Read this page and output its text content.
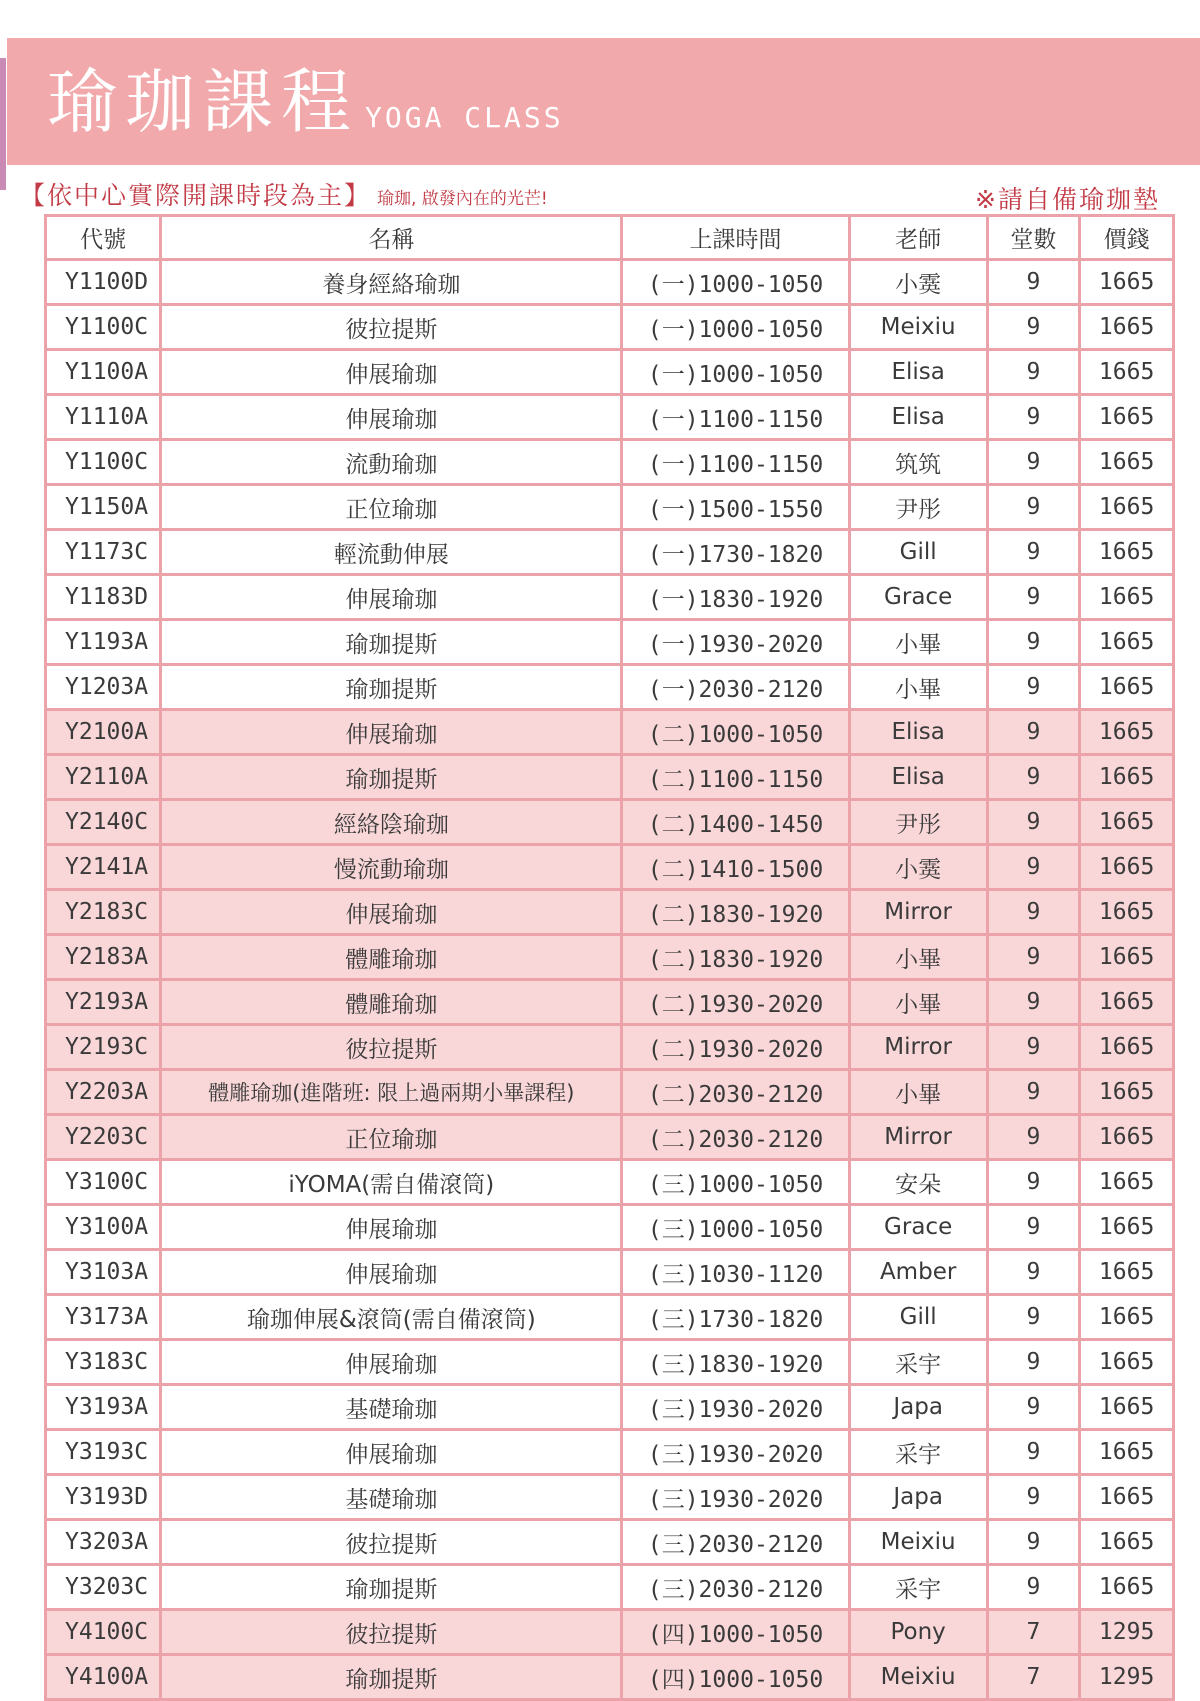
瑜珈課程 YOGA CLASS
【依中心實際開課時段為主】 瑜珈, 啟發內在的光芒!	※請自備瑜珈墊
代號	名稱	上課時間	老師	堂數	價錢
Y1100D	養身經絡瑜珈	(一)1000-1050	小霙	9	1665
Y1100C	彼拉提斯	(一)1000-1050	Meixiu	9	1665
Y1100A	伸展瑜珈	(一)1000-1050	Elisa	9	1665
Y1110A	伸展瑜珈	(一)1100-1150	Elisa	9	1665
Y1100C	流動瑜珈	(一)1100-1150	筑筑	9	1665
Y1150A	正位瑜珈	(一)1500-1550	尹彤	9	1665
Y1173C	輕流動伸展	(一)1730-1820	Gill	9	1665
Y1183D	伸展瑜珈	(一)1830-1920	Grace	9	1665
Y1193A	瑜珈提斯	(一)1930-2020	小畢	9	1665
Y1203A	瑜珈提斯	(一)2030-2120	小畢	9	1665
Y2100A	伸展瑜珈	(二)1000-1050	Elisa	9	1665
Y2110A	瑜珈提斯	(二)1100-1150	Elisa	9	1665
Y2140C	經絡陰瑜珈	(二)1400-1450	尹彤	9	1665
Y2141A	慢流動瑜珈	(二)1410-1500	小霙	9	1665
Y2183C	伸展瑜珈	(二)1830-1920	Mirror	9	1665
Y2183A	體雕瑜珈	(二)1830-1920	小畢	9	1665
Y2193A	體雕瑜珈	(二)1930-2020	小畢	9	1665
Y2193C	彼拉提斯	(二)1930-2020	Mirror	9	1665
Y2203A	體雕瑜珈(進階班: 限上過兩期小畢課程)	(二)2030-2120	小畢	9	1665
Y2203C	正位瑜珈	(二)2030-2120	Mirror	9	1665
Y3100C	iYOMA(需自備滾筒)	(三)1000-1050	安朵	9	1665
Y3100A	伸展瑜珈	(三)1000-1050	Grace	9	1665
Y3103A	伸展瑜珈	(三)1030-1120	Amber	9	1665
Y3173A	瑜珈伸展&滾筒(需自備滾筒)	(三)1730-1820	Gill	9	1665
Y3183C	伸展瑜珈	(三)1830-1920	采宇	9	1665
Y3193A	基礎瑜珈	(三)1930-2020	Japa	9	1665
Y3193C	伸展瑜珈	(三)1930-2020	采宇	9	1665
Y3193D	基礎瑜珈	(三)1930-2020	Japa	9	1665
Y3203A	彼拉提斯	(三)2030-2120	Meixiu	9	1665
Y3203C	瑜珈提斯	(三)2030-2120	采宇	9	1665
Y4100C	彼拉提斯	(四)1000-1050	Pony	7	1295
Y4100A	瑜珈提斯	(四)1000-1050	Meixiu	7	1295
